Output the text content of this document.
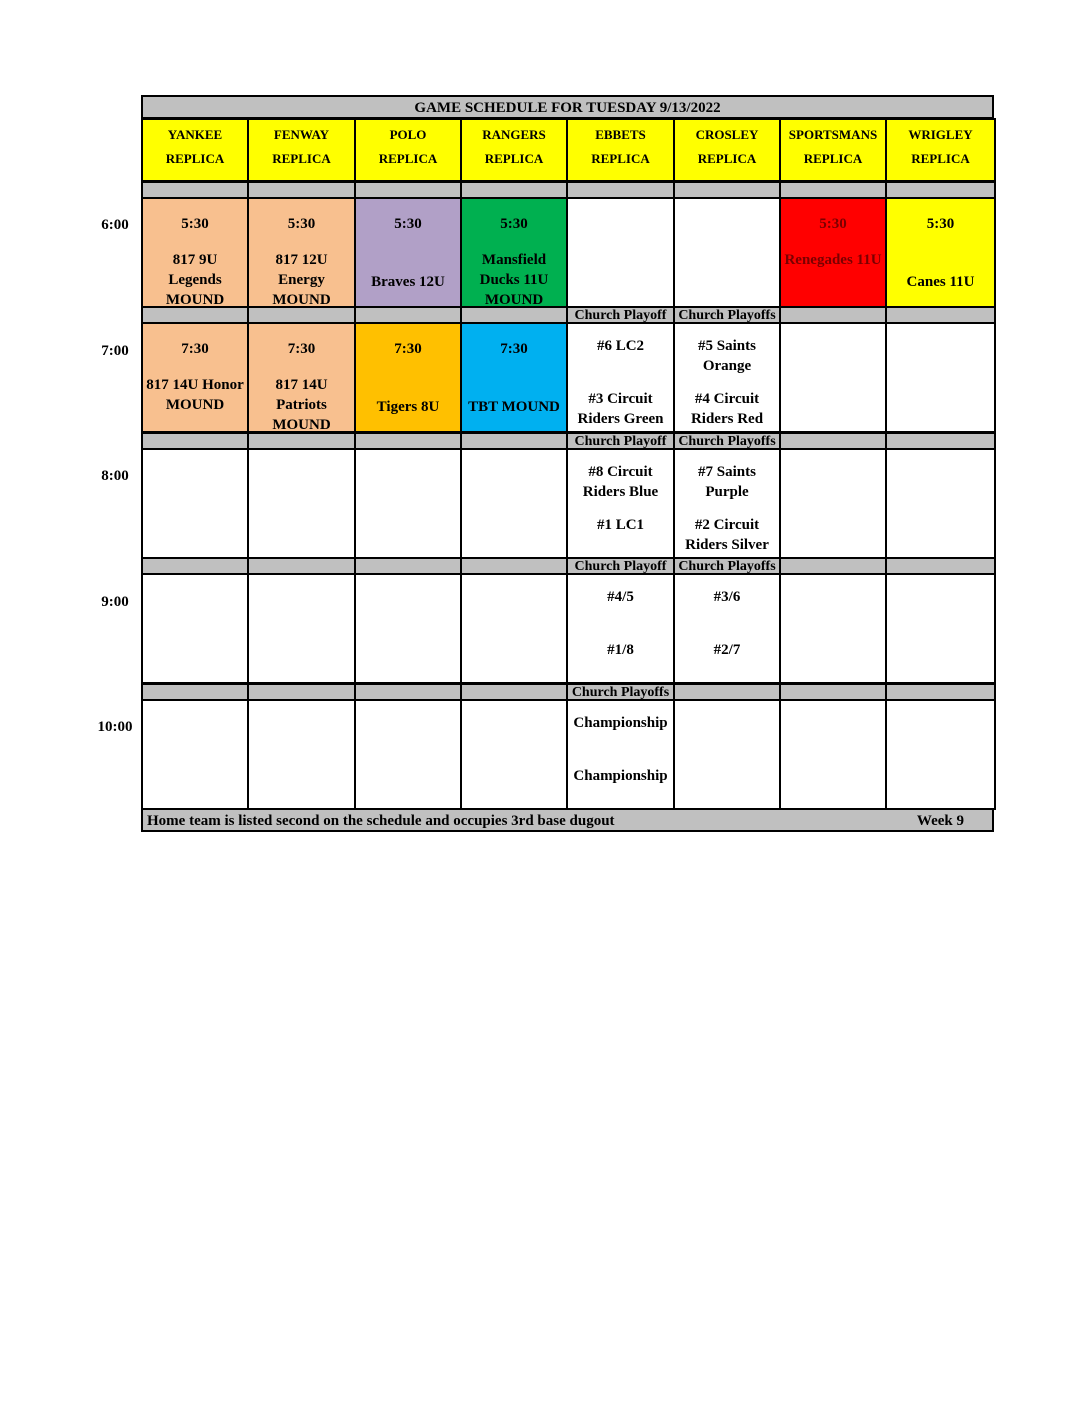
GAME SCHEDULE FOR TUESDAY 9/13/2022
YANKEE
REPLICA
FENWAY
REPLICA
POLO
REPLICA
RANGERS
REPLICA
EBBETS
REPLICA
CROSLEY
REPLICA
SPORTSMANS
REPLICA
WRIGLEY
REPLICA
6:00
7:00
8:00
9:00
10:00
Church Playoff Church Playoffs
Church Playoff Church Playoffs
Church Playoff Church Playoffs
Church Playoffs
5:30
817 9U Legends MOUND
5:30
817 12U Energy MOUND
5:30
Braves 12U
5:30
Mansfield Ducks 11U MOUND
5:30
Renegades 11U
5:30
Canes 11U
7:30
817 14U Honor MOUND
7:30
817 14U Patriots MOUND
7:30
Tigers 8U
7:30
TBT MOUND
#6 LC2
#3 Circuit Riders Green
#5 Saints Orange
#4 Circuit Riders Red
#8 Circuit Riders Blue
#1 LC1
#7 Saints Purple
#2 Circuit Riders Silver
#4/5
#1/8
#3/6
#2/7
Championship
Championship
Home team is listed second on the schedule and occupies 3rd base dugout	Week 9
